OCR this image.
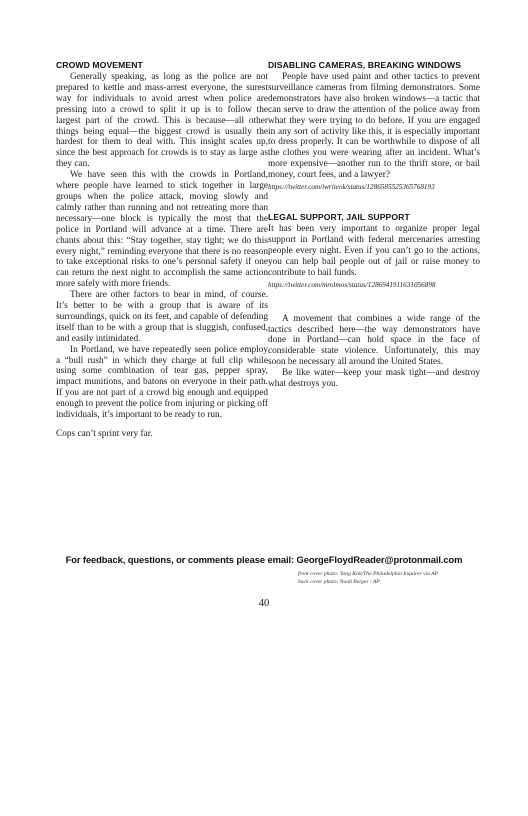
CROWD MOVEMENT

Generally speaking, as long as the police are not prepared to kettle and mass-arrest everyone, the surest way for individuals to avoid arrest when police are pressing into a crowd to split it up is to follow the largest part of the crowd. This is because—all other things being equal—the biggest crowd is usually the hardest for them to deal with. This insight scales up, since the best approach for crowds is to stay as large as they can.

We have seen this with the crowds in Portland, where people have learned to stick together in large groups when the police attack, moving slowly and calmly rather than running and not retreating more than necessary—one block is typically the most that the police in Portland will advance at a time. There are chants about this: “Stay together, stay tight; we do this every night,” reminding everyone that there is no reason to take exceptional risks to one’s personal safety if one can return the next night to accomplish the same action more safely with more friends.

There are other factors to bear in mind, of course. It’s better to be with a group that is aware of its surroundings, quick on its feet, and capable of defending itself than to be with a group that is sluggish, confused, and easily intimidated.

In Portland, we have repeatedly seen police employ a “bull rush” in which they charge at full clip while using some combination of tear gas, pepper spray, impact munitions, and batons on everyone in their path. If you are not part of a crowd big enough and equipped enough to prevent the police from injuring or picking off individuals, it’s important to be ready to run.

Cops can’t sprint very far.

DISABLING CAMERAS, BREAKING WINDOWS

People have used paint and other tactics to prevent surveillance cameras from filming demonstrators. Some demonstrators have also broken windows—a tactic that can serve to draw the attention of the police away from what they were trying to do before. If you are engaged in any sort of activity like this, it is especially important to dress properly. It can be worthwhile to dispose of all the clothes you were wearing after an incident. What’s more expensive—another run to the thrift store, or bail money, court fees, and a lawyer?

https://twitter.com/iwriteok/status/1286585525365768193

LEGAL SUPPORT, JAIL SUPPORT

It has been very important to organize proper legal support in Portland with federal mercenaries arresting people every night. Even if you can’t go to the actions, you can help bail people out of jail or raise money to contribute to bail funds.

https://twitter.com/mrolmos/status/1286941911631056898

A movement that combines a wide range of the tactics described here—the way demonstrators have done in Portland—can hold space in the face of considerable state violence. Unfortunately, this may soon be necessary all around the United States.

Be like water—keep your mask tight—and destroy what destroys you.

For feedback, questions, or comments please email: GeorgeFloydReader@protonmail.com
front cover photo: Yong Kim/The Philadelphia Inquirer via AP
back cover photo: Noah Berger / AP
40
